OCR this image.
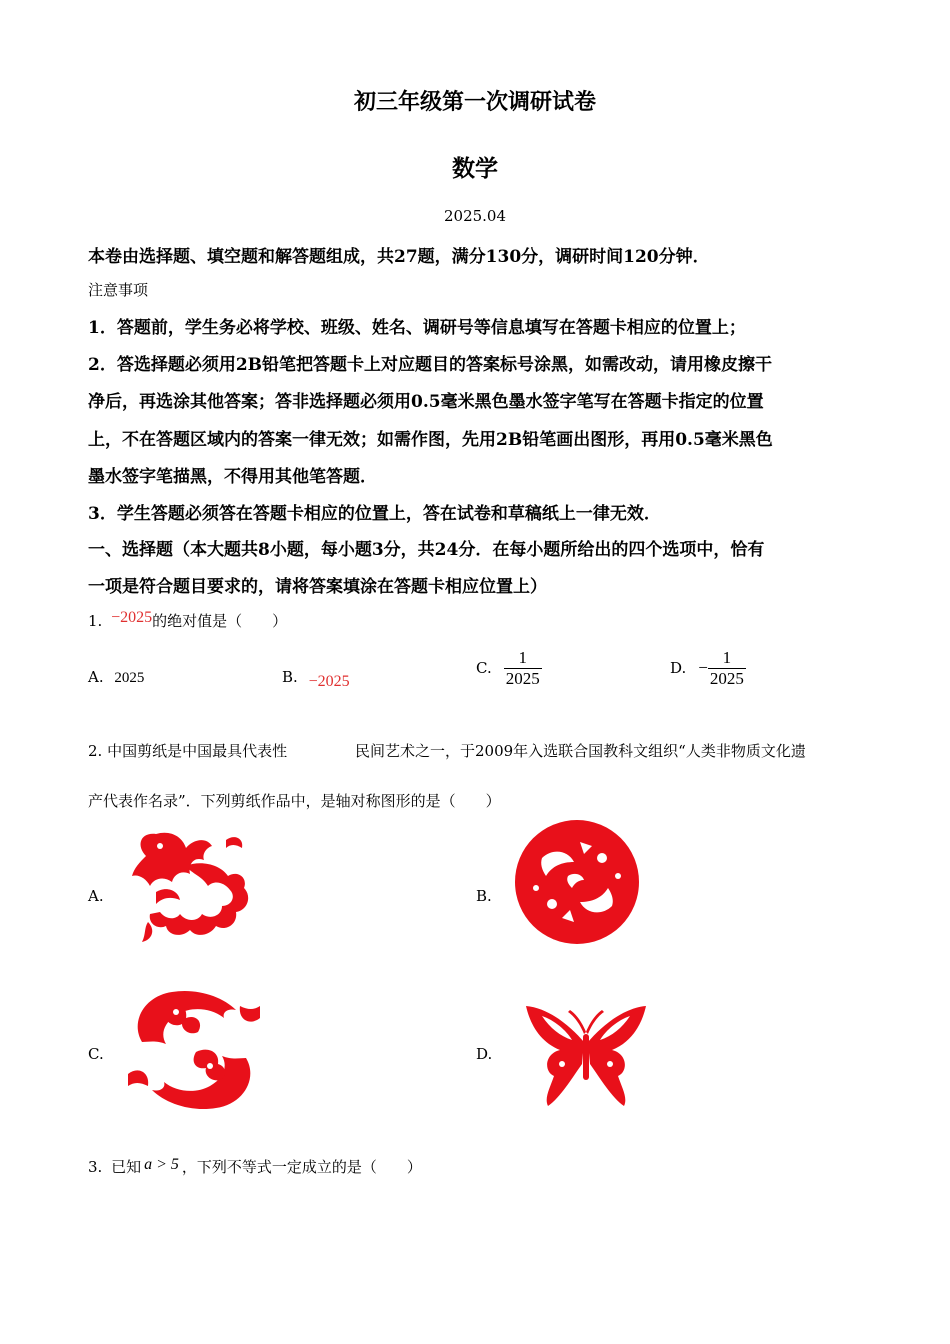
初三年级第一次调研试卷
数学
2025.04
本卷由选择题、填空题和解答题组成，共27题，满分130分，调研时间120分钟．
注意事项
1．答题前，学生务必将学校、班级、姓名、调研号等信息填写在答题卡相应的位置上；
2．答选择题必须用2B铅笔把答题卡上对应题目的答案标号涂黑，如需改动，请用橡皮擦干
净后，再选涂其他答案；答非选择题必须用0.5毫米黑色墨水签字笔写在答题卡指定的位置
上，不在答题区域内的答案一律无效；如需作图，先用2B铅笔画出图形，再用0.5毫米黑色
墨水签字笔描黑，不得用其他笔答题．
3．学生答题必须答在答题卡相应的位置上，答在试卷和草稿纸上一律无效．
一、选择题（本大题共8小题，每小题3分，共24分．在每小题所给出的四个选项中，恰有
一项是符合题目要求的，请将答案填涂在答题卡相应位置上）
1. −2025的绝对值是（　　）
A. 2025	B. −2025
C. $\frac{1}{2025}$	D. − $\frac{1}{2025}$
2. 中国剪纸是中国最具代表性	民间艺术之一，于2009年入选联合国教科文组织“人类非物质文化遗
产代表作名录”．下列剪纸作品中，是轴对称图形的是（　　）
A.	B.
C.	D.
3. 已知 a > 5 ，下列不等式一定成立的是（　　）
